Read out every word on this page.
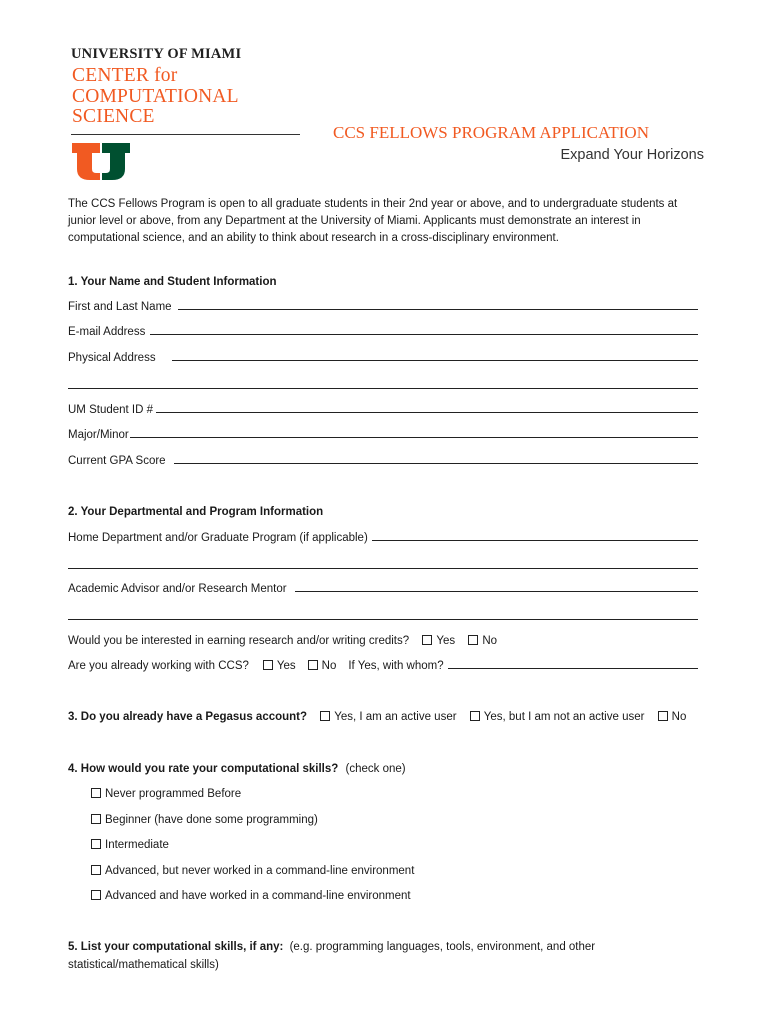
UNIVERSITY OF MIAMI
CENTER for
COMPUTATIONAL
SCIENCE
CCS FELLOWS PROGRAM APPLICATION
Expand Your Horizons
The CCS Fellows Program is open to all graduate students in their 2nd year or above, and to undergraduate students at junior level or above, from any Department at the University of Miami. Applicants must demonstrate an interest in computational science, and an ability to think about research in a cross-disciplinary environment.
1. Your Name and Student Information
First and Last Name
E-mail Address
Physical Address
UM Student ID #
Major/Minor
Current GPA Score
2. Your Departmental and Program Information
Home Department and/or Graduate Program (if applicable)
Academic Advisor and/or Research Mentor
Would you be interested in earning research and/or writing credits? Yes No
Are you already working with CCS?	Yes	No If Yes, with whom?
3. Do you already have a Pegasus account? Yes, I am an active user Yes, but I am not an active user No
4. How would you rate your computational skills? (check one)
Never programmed Before
Beginner (have done some programming)
Intermediate
Advanced, but never worked in a command-line environment
Advanced and have worked in a command-line environment
5. List your computational skills, if any: (e.g. programming languages, tools, environment, and other
statistical/mathematical skills)
